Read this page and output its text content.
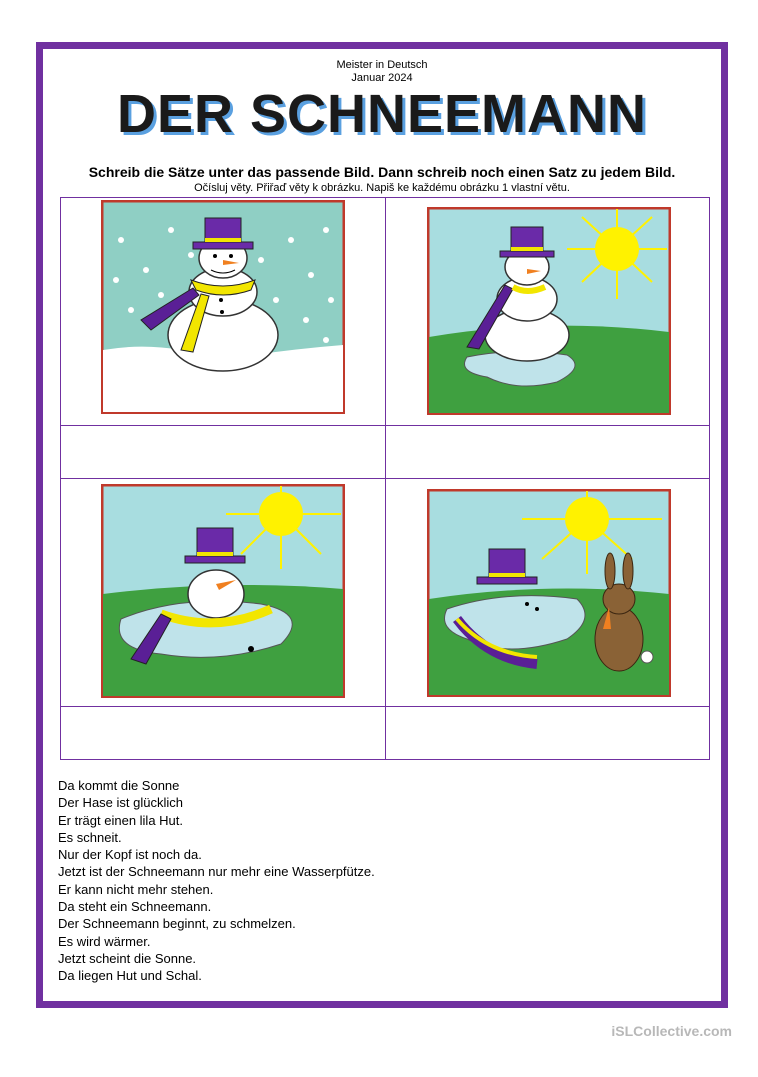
Meister in Deutsch
Januar 2024
DER SCHNEEMANN
Schreib die Sätze unter das passende Bild. Dann schreib noch einen Satz zu jedem Bild.
Očísluj věty. Přiřaď věty k obrázku. Napiš ke každému obrázku 1 vlastní větu.
Da kommt die Sonne
Der Hase ist glücklich
Er trägt einen lila Hut.
Es schneit.
Nur der Kopf ist noch da.
Jetzt ist der Schneemann nur mehr eine Wasserpfütze.
Er kann nicht mehr stehen.
Da steht ein Schneemann.
Der Schneemann beginnt, zu schmelzen.
Es wird wärmer.
Jetzt scheint die Sonne.
Da liegen Hut und Schal.
iSLCollective.com
